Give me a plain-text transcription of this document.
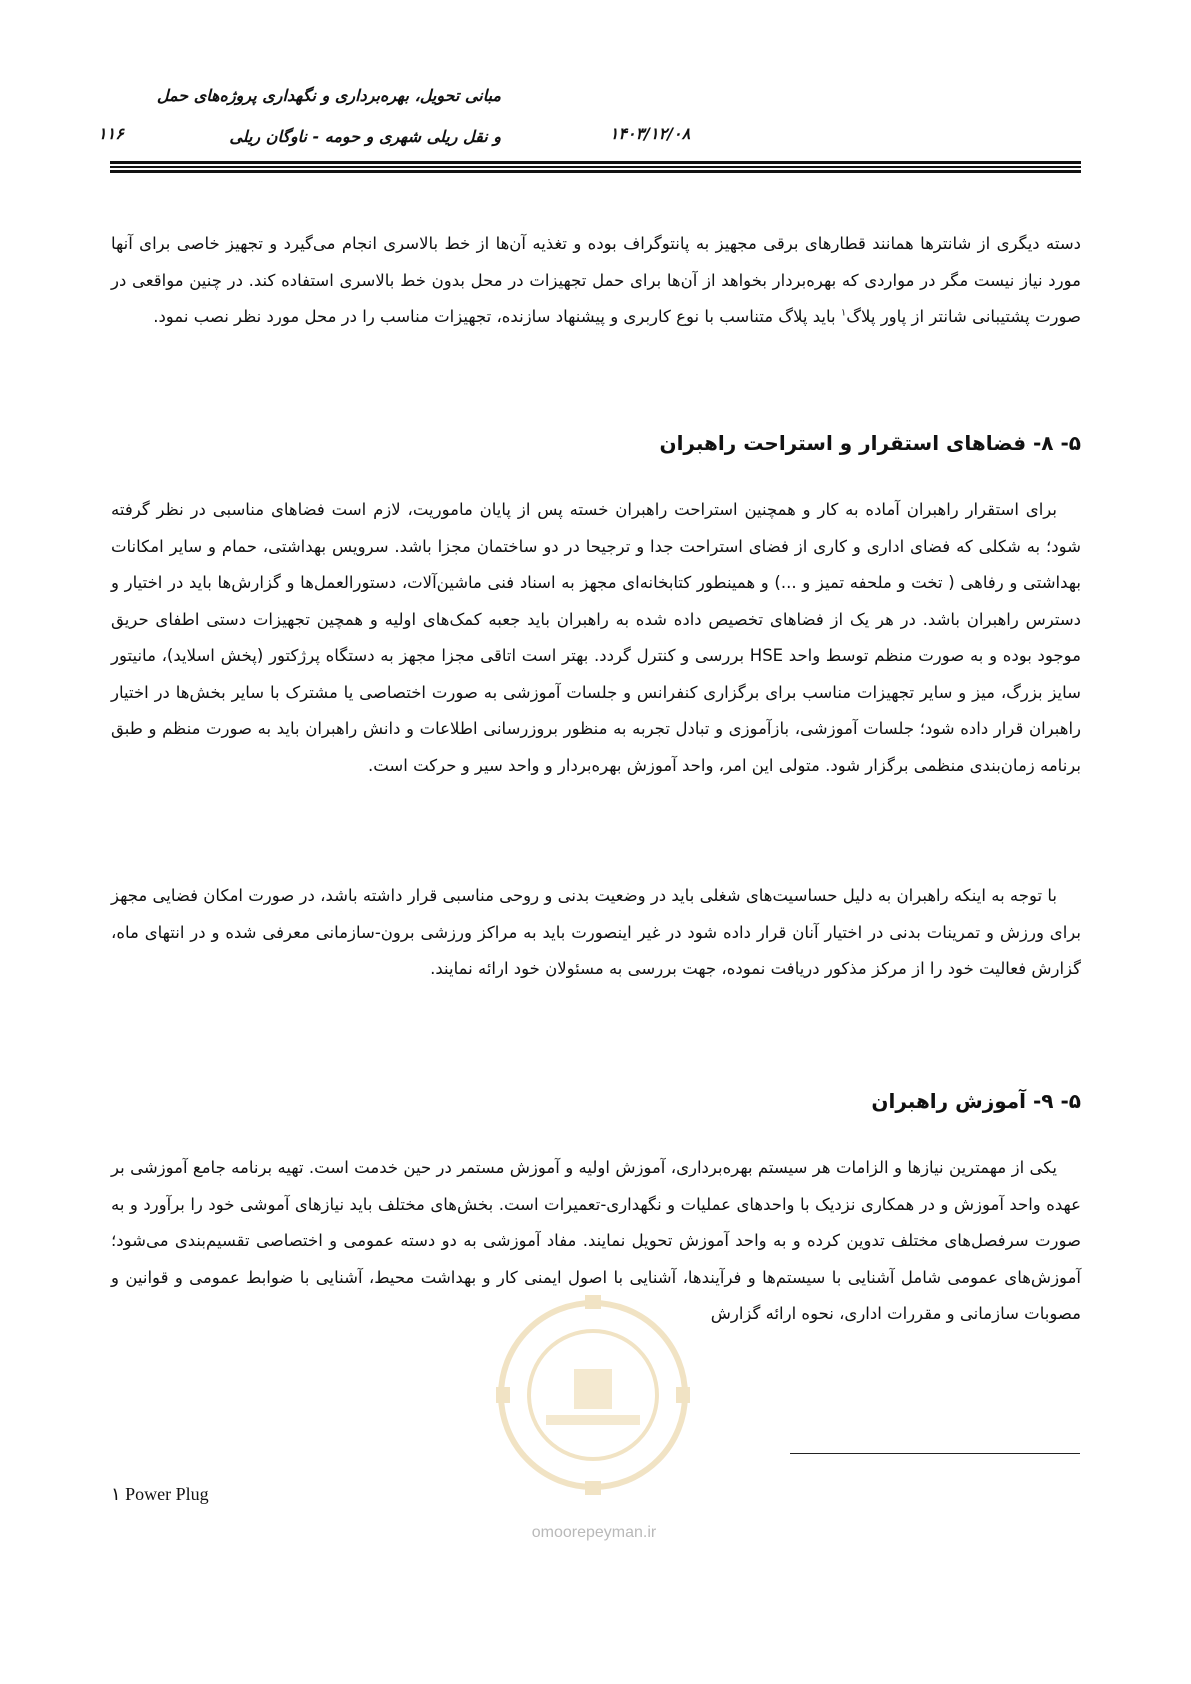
مبانی تحویل، بهره‌برداری و نگهداری پروژه‌های حمل
و نقل ریلی شهری و حومه - ناوگان ریلی	۱۴۰۳/۱۲/۰۸
۱۱۶
دسته دیگری از شانترها همانند قطارهای برقی مجهیز به پانتوگراف بوده و تغذیه آن‌ها از خط بالاسری انجام می‌گیرد و تجهیز خاصی برای آنها مورد نیاز نیست مگر در مواردی که بهره‌بردار بخواهد از آن‌ها برای حمل تجهیزات در محل بدون خط بالاسری استفاده کند. در چنین مواقعی در صورت پشتیبانی شانتر از پاور پلاگ$^۱$ باید پلاگ متناسب با نوع کاربری و پیشنهاد سازنده، تجهیزات مناسب را در محل مورد نظر نصب نمود.
۵- ۸- فضاهای استقرار و استراحت راهبران
برای استقرار راهبران آماده به کار و همچنین استراحت راهبران خسته پس از پایان ماموریت، لازم است فضاهای مناسبی در نظر گرفته شود؛ به شکلی که فضای اداری و کاری از فضای استراحت جدا و ترجیحا در دو ساختمان مجزا باشد. سرویس بهداشتی، حمام و سایر امکانات بهداشتی و رفاهی ( تخت و ملحفه تمیز و ...) و همینطور کتابخانه‌ای مجهز به اسناد فنی ماشین‌آلات، دستورالعمل‌ها و گزارش‌ها باید در اختیار و دسترس راهبران باشد. در هر یک از فضاهای تخصیص داده شده به راهبران باید جعبه کمک‌های اولیه و همچین تجهیزات دستی اطفای حریق موجود بوده و به صورت منظم توسط واحد HSE بررسی و کنترل گردد. بهتر است اتاقی مجزا مجهز به دستگاه پرژکتور (پخش اسلاید)، مانیتور سایز بزرگ، میز و سایر تجهیزات مناسب برای برگزاری کنفرانس و جلسات آموزشی به صورت اختصاصی یا مشترک با سایر بخش‌ها در اختیار راهبران قرار داده شود؛ جلسات آموزشی، بازآموزی و تبادل تجربه به منظور بروزرسانی اطلاعات و دانش راهبران باید به صورت منظم و طبق برنامه زمان‌بندی منظمی برگزار شود. متولی این امر، واحد آموزش بهره‌بردار و واحد سیر و حرکت است.
با توجه به اینکه راهبران به دلیل حساسیت‌های شغلی باید در وضعیت بدنی و روحی مناسبی قرار داشته باشد، در صورت امکان فضایی مجهز برای ورزش و تمرینات بدنی در اختیار آنان قرار داده شود در غیر اینصورت باید به مراکز ورزشی برون-سازمانی معرفی شده و در انتهای ماه، گزارش فعالیت خود را از مرکز مذکور دریافت نموده، جهت بررسی به مسئولان خود ارائه نمایند.
۵- ۹- آموزش راهبران
یکی از مهمترین نیازها و الزامات هر سیستم بهره‌برداری، آموزش اولیه و آموزش مستمر در حین خدمت است. تهیه برنامه جامع آموزشی بر عهده واحد آموزش و در همکاری نزدیک با واحدهای عملیات و نگهداری-تعمیرات است. بخش‌های مختلف باید نیازهای آموشی خود را برآورد و به صورت سرفصل‌های مختلف تدوین کرده و به واحد آموزش تحویل نمایند. مفاد آموزشی به دو دسته عمومی و اختصاصی تقسیم‌بندی می‌شود؛ آموزش‌های عمومی شامل آشنایی با سیستم‌ها و فرآیندها، آشنایی با اصول ایمنی کار و بهداشت محیط، آشنایی با ضوابط عمومی و قوانین و مصوبات سازمانی و مقررات اداری، نحوه ارائه گزارش
۱ Power Plug
omoorepeyman.ir
